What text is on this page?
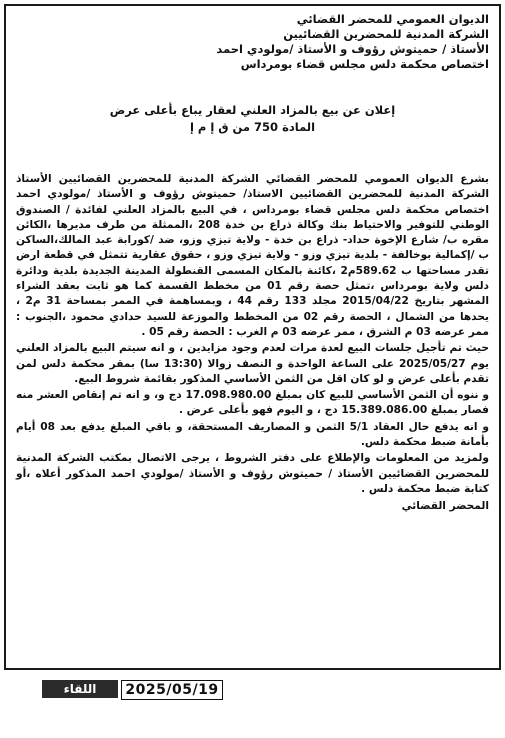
الديوان العمومي للمحضر القضائي

الشركة المدنية للمحضرين القضائيين

الأستاذ / حميتوش رؤوف و الأستاذ /مولودي احمد

اختصاص محكمة دلس مجلس قضاء بومرداس

إعلان عن بيع بالمزاد العلني لعقار يباع بأعلى عرض

المادة 750 من ق إ م إ

بشرع الديوان العمومي للمحضر القضائي الشركة المدنية للمحضرين القضائيين الأستاذ الشركة المدنية للمحضرين القضائيين الاستاذ/ حميتوش رؤوف و الأستاذ /مولودي احمد اختصاص محكمة دلس مجلس قضاء بومرداس ، في البيع بالمزاد العلني لفائدة / الصندوق الوطني للتوفير والاحتياط بنك وكالة ذراع بن خدة 208 ،الممثلة من طرف مديرها ،الكائن مقره ب/ شارع الإخوة حداد- ذراع بن خدة - ولاية تيزي وزو، ضد /كورابة عبد المالك،الساكن ب /إكمالية بوخالفة - بلدية تيزي وزو - ولاية تيزي وزو ، حقوق عقارية تتمثل في قطعة ارض تقدر مساحتها ب 589.62م2 ،كائنة بالمكان المسمى القنطولة المدينة الجديدة بلدية ودائرة دلس ولاية بومرداس ،تمثل حصة رقم 01 من مخطط القسمة كما هو ثابت بعقد الشراء المشهر بتاريخ 2015/04/22 مجلد 133 رقم 44 ، وبمساهمة في الممر بمساحة 31 م2 ، يحدها من الشمال ، الحصة رقم 02 من المخطط والموزعة للسيد حدادي محمود ،الجنوب : ممر عرضه 03 م الشرق ، ممر عرضه 03 م الغرب : الحصة رقم 05 .

حيث تم تأجيل جلسات البيع لعدة مرات لعدم وجود مزايدين ، و انه سيتم البيع بالمزاد العلني يوم 2025/05/27 على الساعة الواحدة و النصف زوالا (13:30 سا) بمقر محكمة دلس لمن تقدم بأعلى عرض و لو كان اقل من الثمن الأساسي المذكور بقائمة شروط البيع.

و ننوه أن الثمن الأساسي للبيع كان بمبلغ 17.098.980.00 دج و، و انه تم إنقاص العشر منه فصار بمبلغ 15.389.086.00 دج ، و اليوم فهو بأعلى عرض .

و انه يدفع حال العقاد 5/1 الثمن و المصاريف المستحقة، و باقي المبلغ يدفع بعد 08 أيام بأمانة ضبط محكمة دلس.

ولمزيد من المعلومات والإطلاع على دفتر الشروط ، يرجى الاتصال بمكتب الشركة المدنية للمحضرين القضائيين الأستاذ / حميتوش رؤوف و الأستاذ /مولودي احمد المذكور أعلاه ،أو كتابة ضبط محكمة دلس .

المحضر القضائي
اللقاء	2025/05/19
